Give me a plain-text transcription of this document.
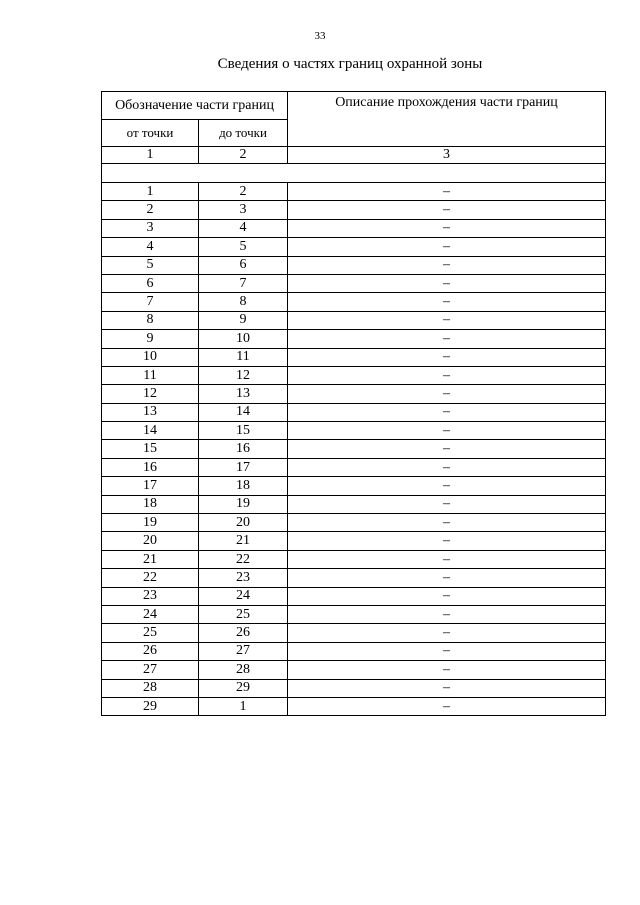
33
Сведения о частях границ охранной зоны
Обозначение части границ		Описание прохождения части границ
от точки	до точки	
1	2	3

1	2	–
2	3	–
3	4	–
4	5	–
5	6	–
6	7	–
7	8	–
8	9	–
9	10	–
10	11	–
11	12	–
12	13	–
13	14	–
14	15	–
15	16	–
16	17	–
17	18	–
18	19	–
19	20	–
20	21	–
21	22	–
22	23	–
23	24	–
24	25	–
25	26	–
26	27	–
27	28	–
28	29	–
29	1	–
